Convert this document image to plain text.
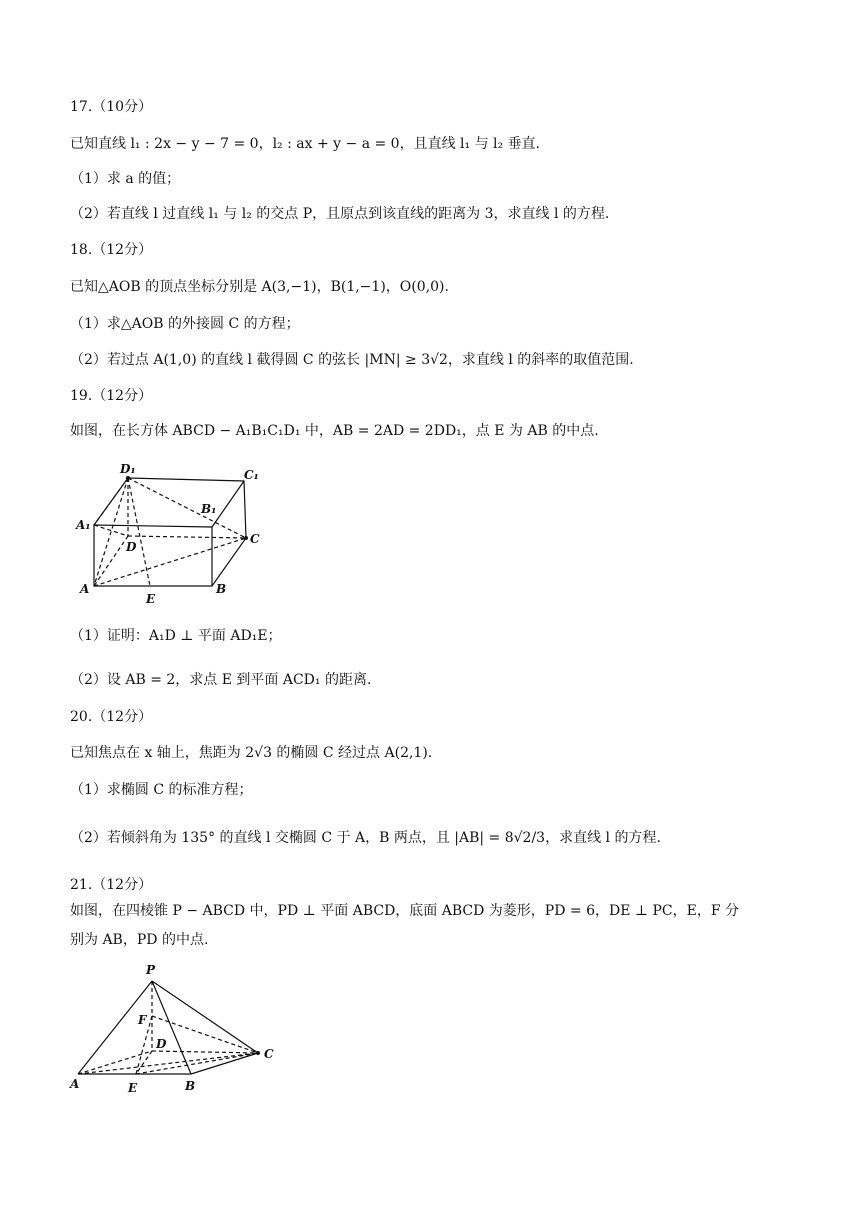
17.（10分）
已知直线 l₁ : 2x − y − 7 = 0，l₂ : ax + y − a = 0，且直线 l₁ 与 l₂ 垂直.
（1）求 a 的值；
（2）若直线 l 过直线 l₁ 与 l₂ 的交点 P，且原点到该直线的距离为 3，求直线 l 的方程.
18.（12分）
已知△AOB 的顶点坐标分别是 A(3,−1)，B(1,−1)，O(0,0).
（1）求△AOB 的外接圆 C 的方程；
（2）若过点 A(1,0) 的直线 l 截得圆 C 的弦长 |MN| ≥ 3√2，求直线 l 的斜率的取值范围.
19.（12分）
如图，在长方体 ABCD − A₁B₁C₁D₁ 中，AB = 2AD = 2DD₁，点 E 为 AB 的中点.
D₁	C₁
B₁
A₁
D
C
A
E
B
（1）证明：A₁D ⊥ 平面 AD₁E；
（2）设 AB = 2，求点 E 到平面 ACD₁ 的距离.
20.（12分）
已知焦点在 x 轴上，焦距为 2√3 的椭圆 C 经过点 A(2,1).
（1）求椭圆 C 的标准方程；
（2）若倾斜角为 135° 的直线 l 交椭圆 C 于 A，B 两点，且 |AB| = 8√2/3，求直线 l 的方程.
21.（12分）
如图，在四棱锥 P − ABCD 中，PD ⊥ 平面 ABCD，底面 ABCD 为菱形，PD = 6，DE ⊥ PC，E，F 分
别为 AB，PD 的中点.
P
F
D
C
A	E	B
